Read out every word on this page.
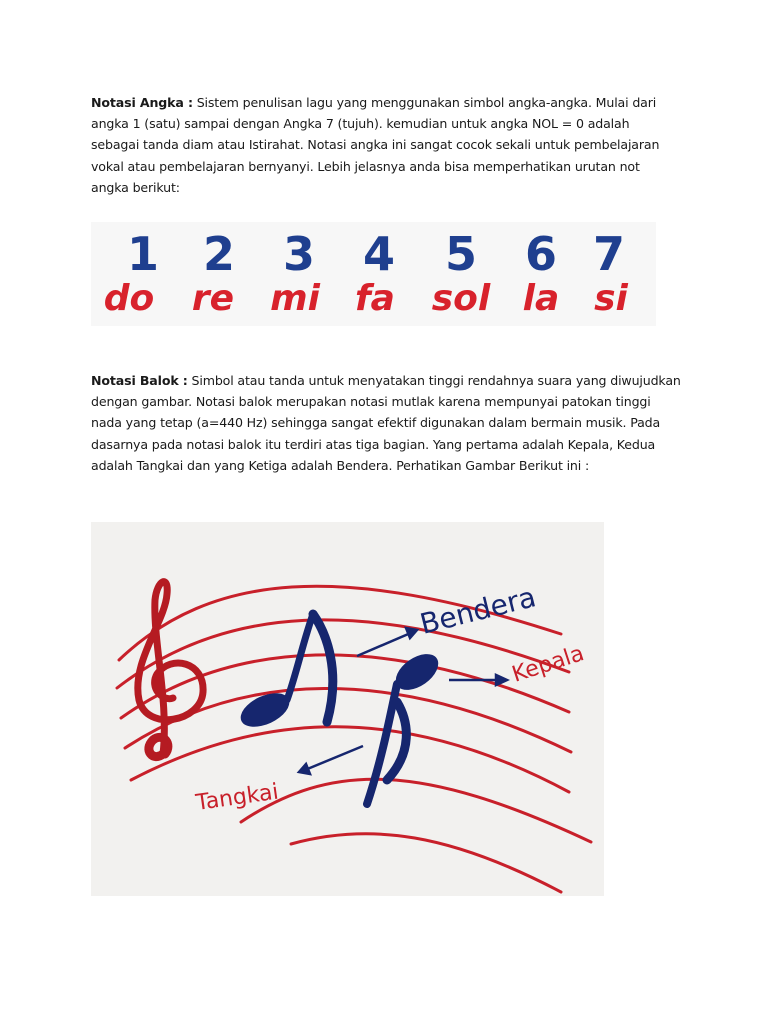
Notasi Angka : Sistem penulisan lagu yang menggunakan simbol angka-angka. Mulai dari angka 1 (satu) sampai dengan Angka 7 (tujuh). kemudian untuk angka NOL = 0 adalah sebagai tanda diam atau Istirahat. Notasi angka ini sangat cocok sekali untuk pembelajaran vokal atau pembelajaran bernyanyi. Lebih jelasnya anda bisa memperhatikan urutan not angka berikut:

1 2 3 4 5 6 7
do re mi fa sol la si

Notasi Balok : Simbol atau tanda untuk menyatakan tinggi rendahnya suara yang diwujudkan dengan gambar. Notasi balok merupakan notasi mutlak karena mempunyai patokan tinggi nada yang tetap (a=440 Hz) sehingga sangat efektif digunakan dalam bermain musik. Pada dasarnya pada notasi balok itu terdiri atas tiga bagian. Yang pertama adalah Kepala, Kedua adalah Tangkai dan yang Ketiga adalah Bendera. Perhatikan Gambar Berikut ini :

Bendera
Kepala
Tangkai
